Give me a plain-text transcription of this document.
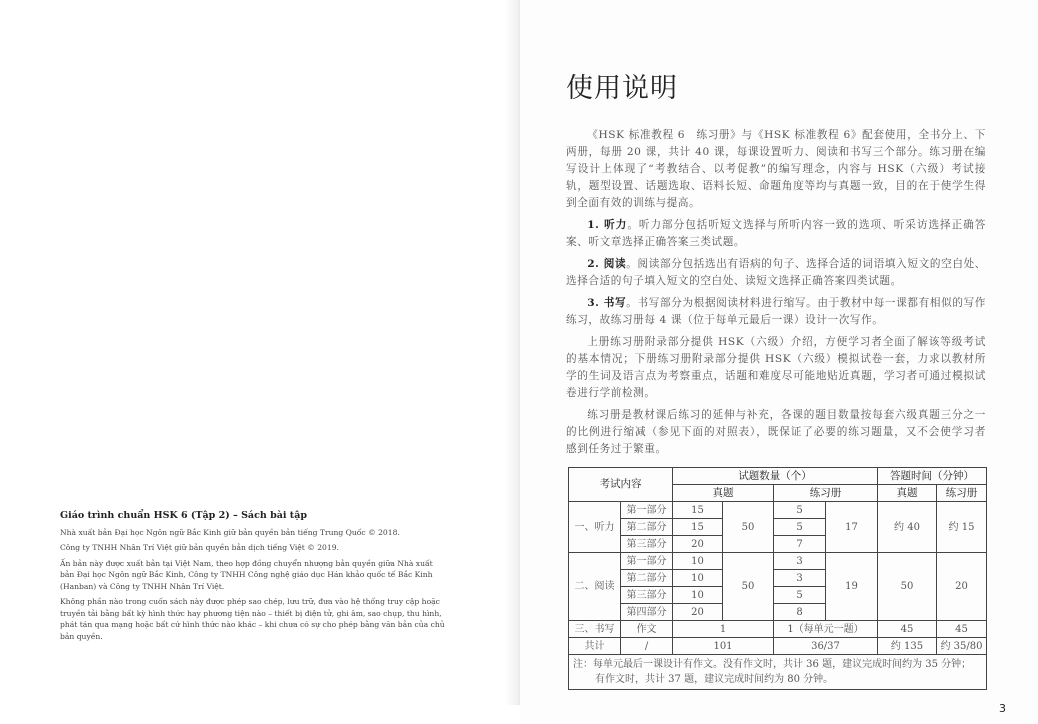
Giáo trình chuẩn HSK 6 (Tập 2) – Sách bài tập

Nhà xuất bản Đại học Ngôn ngữ Bắc Kinh giữ bản quyền bản tiếng Trung Quốc © 2018.

Công ty TNHH Nhân Trí Việt giữ bản quyền bản dịch tiếng Việt © 2019.

Ấn bản này được xuất bản tại Việt Nam, theo hợp đồng chuyển nhượng bản quyền giữa Nhà xuất bản Đại học Ngôn ngữ Bắc Kinh, Công ty TNHH Công nghệ giáo dục Hán khảo quốc tế Bắc Kinh (Hanban) và Công ty TNHH Nhân Trí Việt.

Không phần nào trong cuốn sách này được phép sao chép, lưu trữ, đưa vào hệ thống truy cập hoặc truyền tải bằng bất kỳ hình thức hay phương tiện nào – thiết bị điện tử, ghi âm, sao chụp, thu hình, phát tán qua mạng hoặc bất cứ hình thức nào khác – khi chưa có sự cho phép bằng văn bản của chủ bản quyền.

使用说明

《HSK 标准教程 6　练习册》与《HSK 标准教程 6》配套使用，全书分上、下两册，每册 20 课，共计 40 课，每课设置听力、阅读和书写三个部分。练习册在编写设计上体现了“考教结合、以考促教”的编写理念，内容与 HSK（六级）考试接轨，题型设置、话题选取、语料长短、命题角度等均与真题一致，目的在于使学生得到全面有效的训练与提高。

1. 听力。听力部分包括听短文选择与所听内容一致的选项、听采访选择正确答案、听文章选择正确答案三类试题。

2. 阅读。阅读部分包括选出有语病的句子、选择合适的词语填入短文的空白处、选择合适的句子填入短文的空白处、读短文选择正确答案四类试题。

3. 书写。书写部分为根据阅读材料进行缩写。由于教材中每一课都有相似的写作练习，故练习册每 4 课（位于每单元最后一课）设计一次写作。

上册练习册附录部分提供 HSK（六级）介绍，方便学习者全面了解该等级考试的基本情况；下册练习册附录部分提供 HSK（六级）模拟试卷一套，力求以教材所学的生词及语言点为考察重点，话题和难度尽可能地贴近真题，学习者可通过模拟试卷进行学前检测。

练习册是教材课后练习的延伸与补充，各课的题目数量按每套六级真题三分之一的比例进行缩减（参见下面的对照表），既保证了必要的练习题量，又不会使学习者感到任务过于繁重。

考试内容		试题数量（个）				答题时间（分钟）	
		真题		练习册		真题	练习册
一、听力	第一部分	15	50	5	17	约 40	约 15
	第二部分	15		5			
	第三部分	20		7			
二、阅读	第一部分	10	50	3	19	50	20
	第二部分	10		3			
	第三部分	10		5			
	第四部分	20		8			
三、书写	作文	1		1（每单元一题）		45	45
共计	/	101		36/37		约 135	约 35/80

注：每单元最后一课设计有作文。没有作文时，共计 36 题，建议完成时间约为 35 分钟；
有作文时，共计 37 题，建议完成时间约为 80 分钟。							
3
